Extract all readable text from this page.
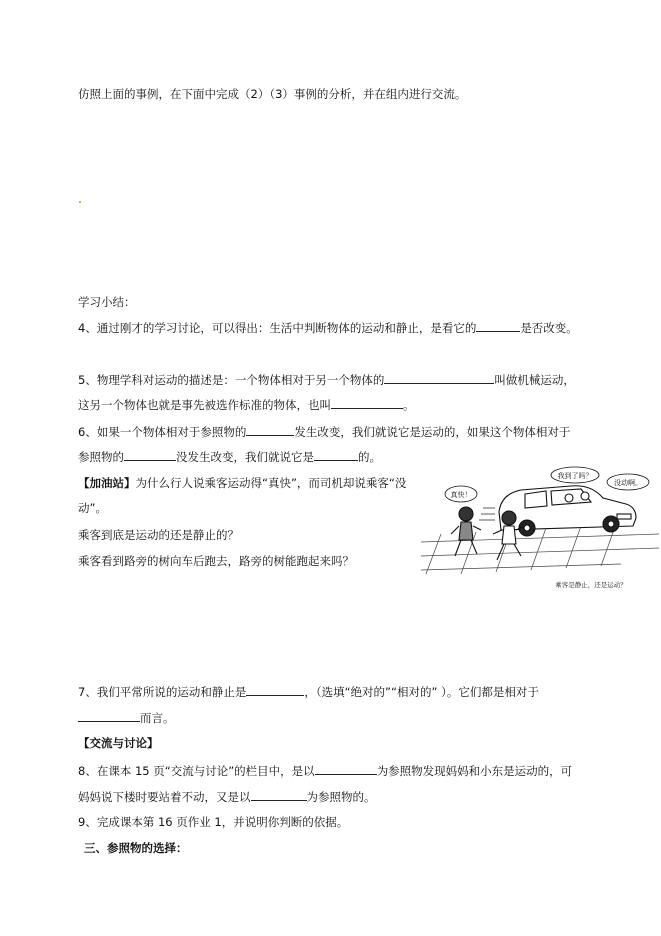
仿照上面的事例，在下面中完成（2）（3）事例的分析，并在组内进行交流。
学习小结：
4、通过刚才的学习讨论，可以得出：生活中判断物体的运动和静止，是看它的	是否改变。
5、物理学科对运动的描述是：一个物体相对于另一个物体的	叫做机械运动，
这另一个物体也就是事先被选作标准的物体，也叫	。
6、如果一个物体相对于参照物的	发生改变，我们就说它是运动的，如果这个物体相对于
参照物的	没发生改变，我们就说它是	的。
【加油站】为什么行人说乘客运动得“真快”，而司机却说乘客“没
动”。
乘客到底是运动的还是静止的？
乘客看到路旁的树向车后跑去，路旁的树能跑起来吗？
真快！
我到了吗？
没动啊。
乘客是静止，还是运动？
7、我们平常所说的运动和静止是	，（选填“绝对的”“相对的” ）。它们都是相对于
而言。
【交流与讨论】
8、在课本 15 页“交流与讨论”的栏目中，是以	为参照物发现妈妈和小东是运动的，可
妈妈说下楼时要站着不动，又是以	为参照物的。
9、完成课本第 16 页作业 1，并说明你判断的依据。
三、参照物的选择：
